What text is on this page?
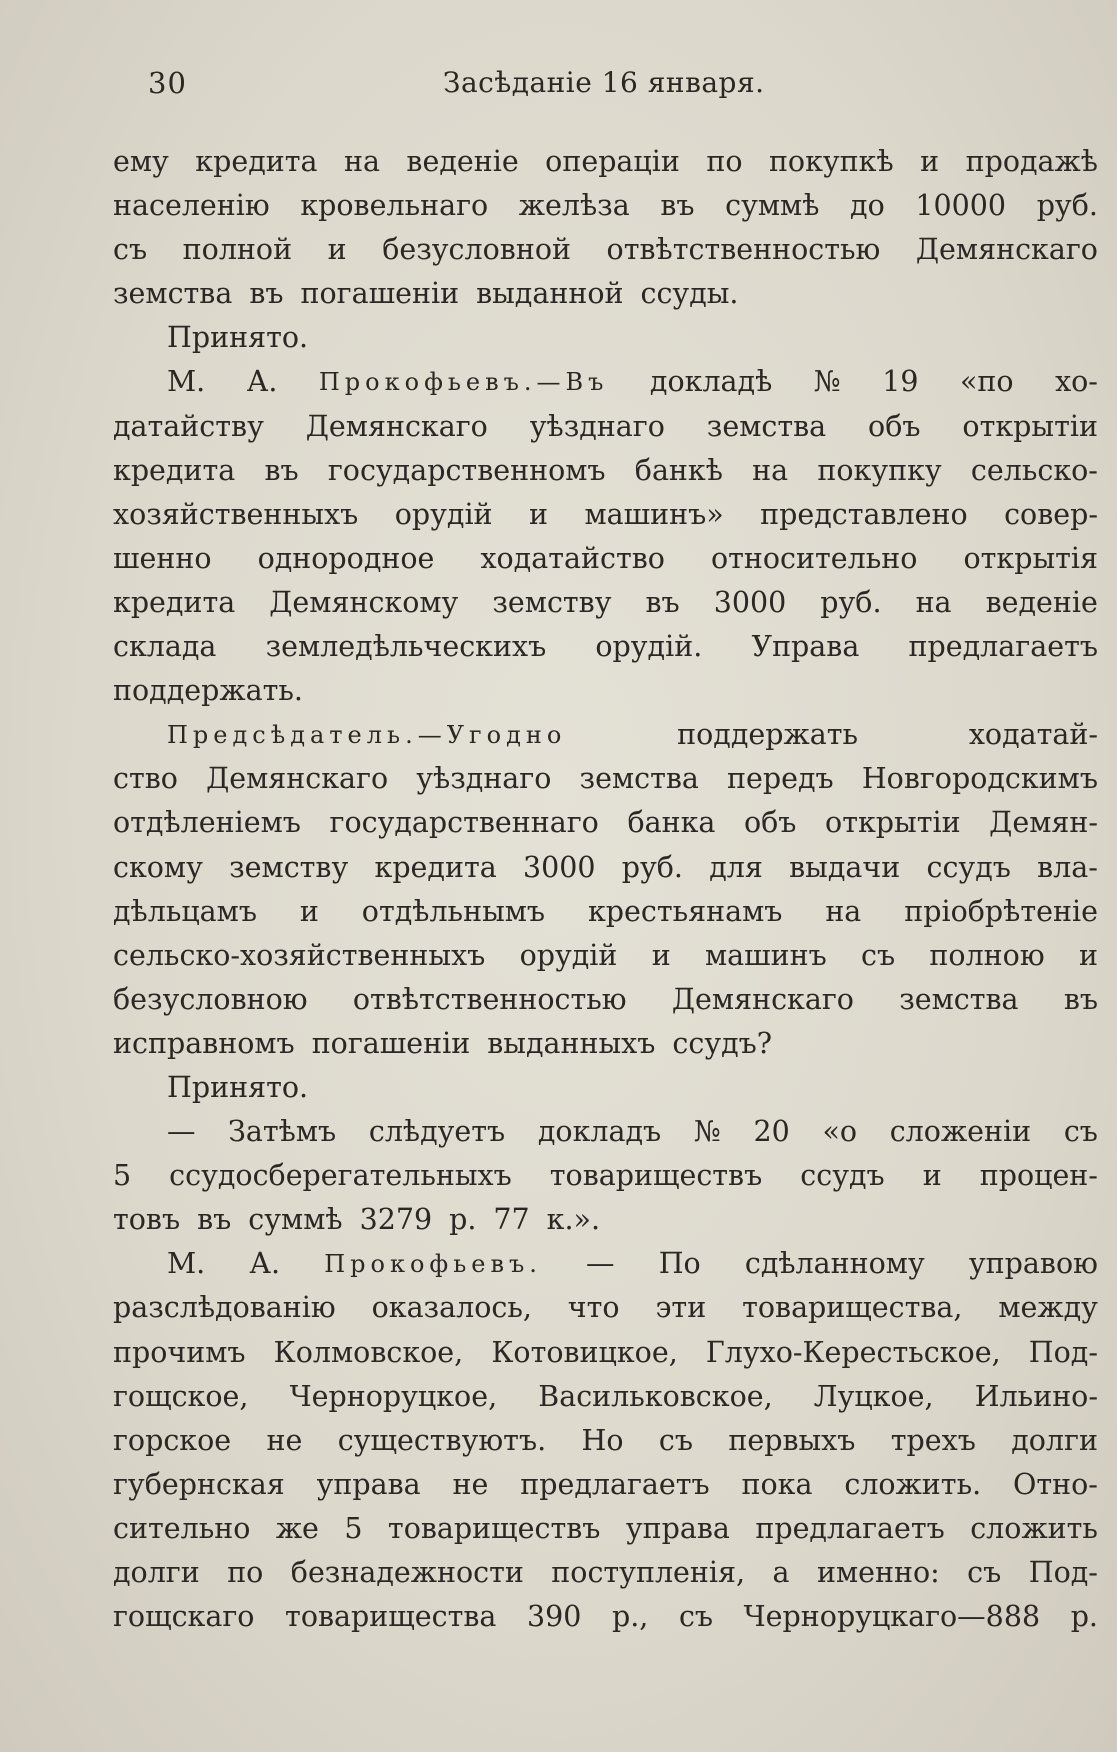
30	Засѣданіе 16 января.
ему кредита на веденіе операціи по покупкѣ и продажѣ
населенію кровельнаго желѣза въ суммѣ до 10000 руб.
съ полной и безусловной отвѣтственностью Демянскаго
земства въ погашеніи выданной ссуды.
Принято.
М. А. Прокофьевъ.—Въ докладѣ № 19 «по хо-
датайству Демянскаго уѣзднаго земства объ открытіи
кредита въ государственномъ банкѣ на покупку сельско-
хозяйственныхъ орудій и машинъ» представлено совер-
шенно однородное ходатайство относительно открытія
кредита Демянскому земству въ 3000 руб. на веденіе
склада земледѣльческихъ орудій. Управа предлагаетъ
поддержать.
Предсѣдатель.—Угодно	поддержать	ходатай-
ство Демянскаго уѣзднаго земства передъ Новгородскимъ
отдѣленіемъ государственнаго банка объ открытіи Демян-
скому земству кредита 3000 руб. для выдачи ссудъ вла-
дѣльцамъ и отдѣльнымъ крестьянамъ на пріобрѣтеніе
сельско-хозяйственныхъ орудій и машинъ съ полною и
безусловною отвѣтственностью Демянскаго земства въ
исправномъ погашеніи выданныхъ ссудъ?
Принято.
— Затѣмъ слѣдуетъ докладъ № 20 «о сложеніи съ
5 ссудосберегательныхъ товариществъ ссудъ и процен-
товъ въ суммѣ 3279 р. 77 к.».
М. А. Прокофьевъ. — По сдѣланному управою
разслѣдованію оказалось, что эти товарищества, между
прочимъ Колмовское, Котовицкое, Глухо-Керестьское, Под-
гощское, Черноруцкое, Васильковское, Луцкое, Ильино-
горское не существуютъ. Но съ первыхъ трехъ долги
губернская управа не предлагаетъ пока сложить. Отно-
сительно же 5 товариществъ управа предлагаетъ сложить
долги по безнадежности поступленія, а именно: съ Под-
гощскаго товарищества 390 р., съ Черноруцкаго—888 р.
